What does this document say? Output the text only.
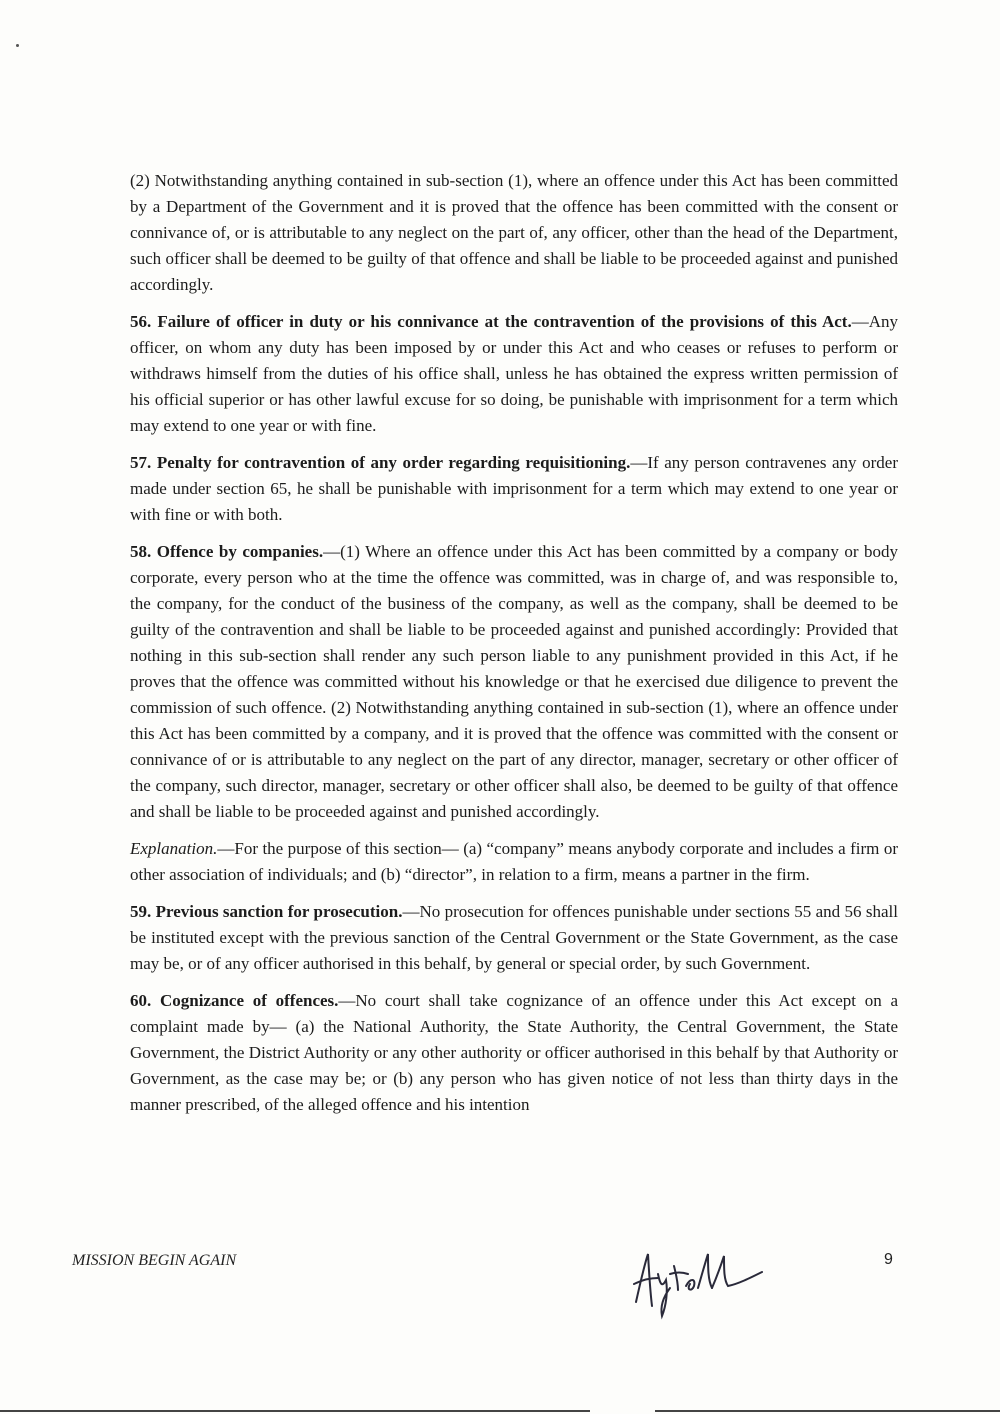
(2) Notwithstanding anything contained in sub-section (1), where an offence under this Act has been committed by a Department of the Government and it is proved that the offence has been committed with the consent or connivance of, or is attributable to any neglect on the part of, any officer, other than the head of the Department, such officer shall be deemed to be guilty of that offence and shall be liable to be proceeded against and punished accordingly.

56. Failure of officer in duty or his connivance at the contravention of the provisions of this Act.—Any officer, on whom any duty has been imposed by or under this Act and who ceases or refuses to perform or withdraws himself from the duties of his office shall, unless he has obtained the express written permission of his official superior or has other lawful excuse for so doing, be punishable with imprisonment for a term which may extend to one year or with fine.

57. Penalty for contravention of any order regarding requisitioning.—If any person contravenes any order made under section 65, he shall be punishable with imprisonment for a term which may extend to one year or with fine or with both.

58. Offence by companies.—(1) Where an offence under this Act has been committed by a company or body corporate, every person who at the time the offence was committed, was in charge of, and was responsible to, the company, for the conduct of the business of the company, as well as the company, shall be deemed to be guilty of the contravention and shall be liable to be proceeded against and punished accordingly: Provided that nothing in this sub-section shall render any such person liable to any punishment provided in this Act, if he proves that the offence was committed without his knowledge or that he exercised due diligence to prevent the commission of such offence. (2) Notwithstanding anything contained in sub-section (1), where an offence under this Act has been committed by a company, and it is proved that the offence was committed with the consent or connivance of or is attributable to any neglect on the part of any director, manager, secretary or other officer of the company, such director, manager, secretary or other officer shall also, be deemed to be guilty of that offence and shall be liable to be proceeded against and punished accordingly.

Explanation.—For the purpose of this section— (a) “company” means anybody corporate and includes a firm or other association of individuals; and (b) “director”, in relation to a firm, means a partner in the firm.

59. Previous sanction for prosecution.—No prosecution for offences punishable under sections 55 and 56 shall be instituted except with the previous sanction of the Central Government or the State Government, as the case may be, or of any officer authorised in this behalf, by general or special order, by such Government.

60. Cognizance of offences.—No court shall take cognizance of an offence under this Act except on a complaint made by— (a) the National Authority, the State Authority, the Central Government, the State Government, the District Authority or any other authority or officer authorised in this behalf by that Authority or Government, as the case may be; or (b) any person who has given notice of not less than thirty days in the manner prescribed, of the alleged offence and his intention

MISSION BEGIN AGAIN	9
